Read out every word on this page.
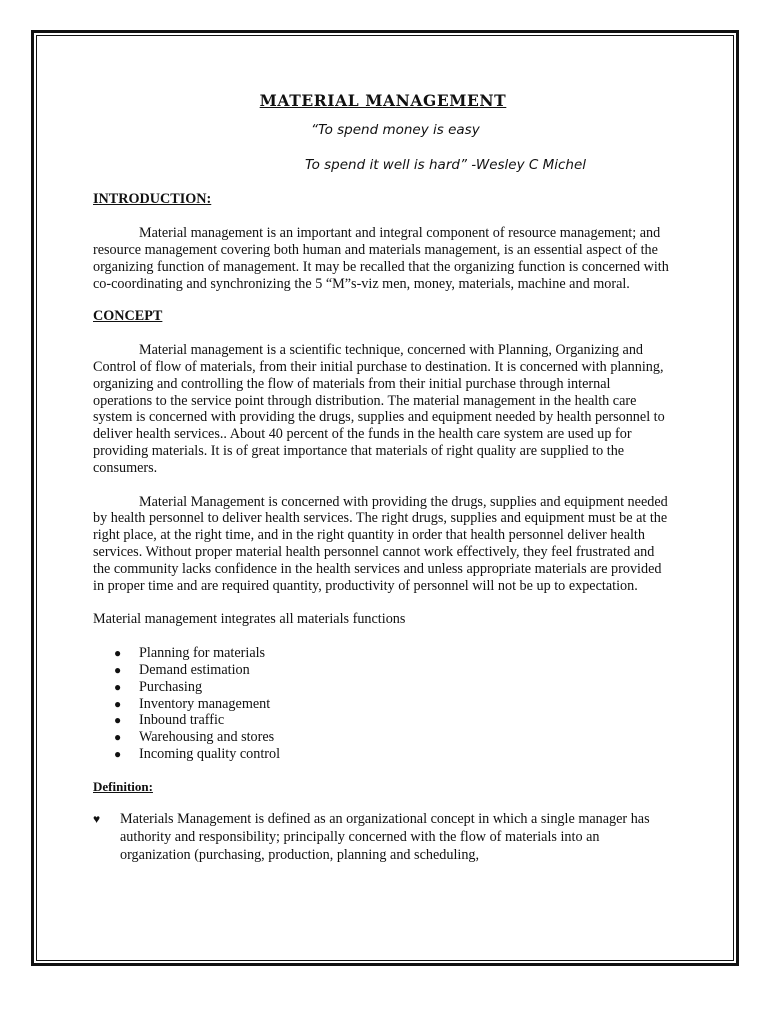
MATERIAL MANAGEMENT
“To spend money is easy
To spend it well is hard” -Wesley C Michel
INTRODUCTION:

Material management is an important and integral component of resource management; and resource management covering both human and materials management, is an essential aspect of the organizing function of management. It may be recalled that the organizing function is concerned with co-coordinating and synchronizing the 5 “M”s-viz men, money, materials, machine and moral.

CONCEPT

Material management is a scientific technique, concerned with Planning, Organizing and Control of flow of materials, from their initial purchase to destination. It is concerned with planning, organizing and controlling the flow of materials from their initial purchase through internal operations to the service point through distribution. The material management in the health care system is concerned with providing the drugs, supplies and equipment needed by health personnel to deliver health services.. About 40 percent of the funds in the health care system are used up for providing materials. It is of great importance that materials of right quality are supplied to the consumers.

Material Management is concerned with providing the drugs, supplies and equipment needed by health personnel to deliver health services. The right drugs, supplies and equipment must be at the right place, at the right time, and in the right quantity in order that health personnel deliver health services. Without proper material health personnel cannot work effectively, they feel frustrated and the community lacks confidence in the health services and unless appropriate materials are provided in proper time and are required quantity, productivity of personnel will not be up to expectation.

Material management integrates all materials functions

● Planning for materials
● Demand estimation
● Purchasing
● Inventory management
● Inbound traffic
● Warehousing and stores
● Incoming quality control
Definition:
♥ Materials Management is defined as an organizational concept in which a single manager has authority and responsibility; principally concerned with the flow of materials into an organization (purchasing, production, planning and scheduling,
